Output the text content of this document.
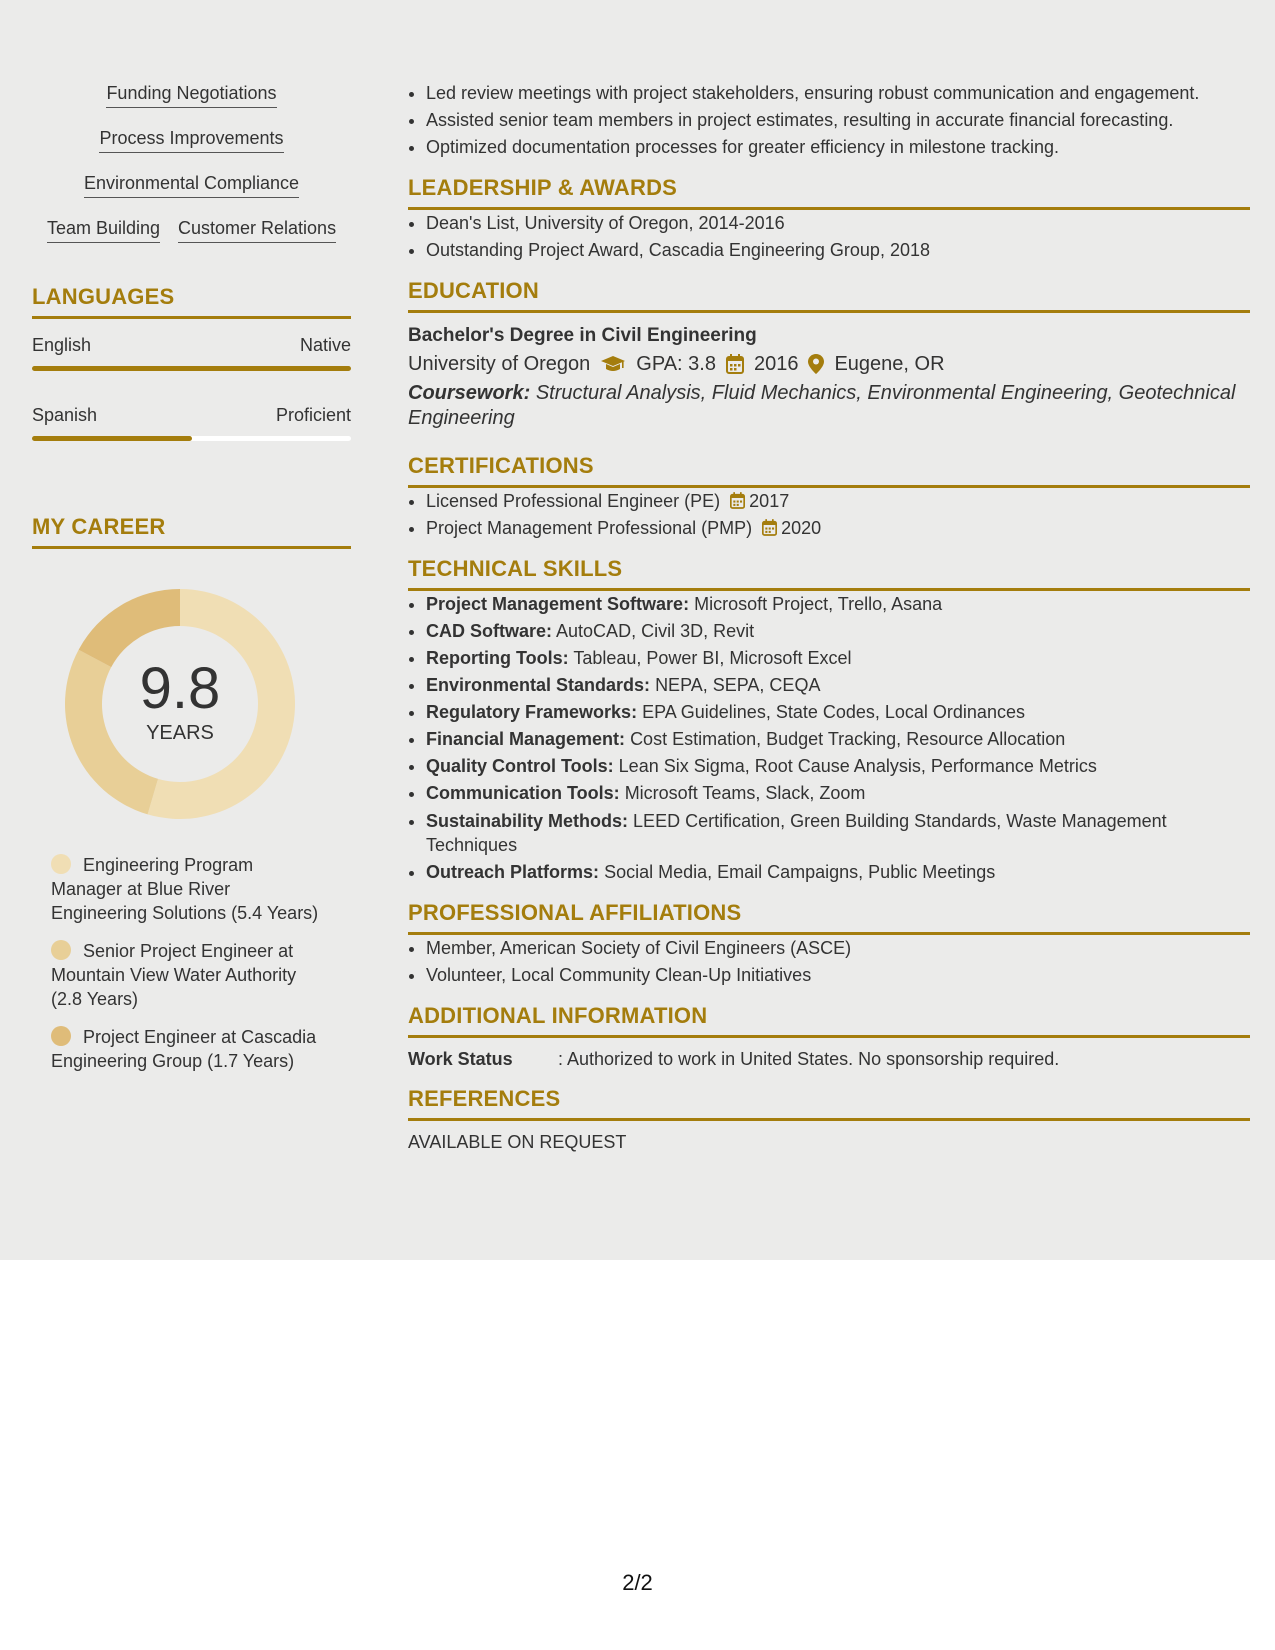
Funding Negotiations
Process Improvements
Environmental Compliance
Team Building Customer Relations
LANGUAGES
English	Native
Spanish	Proficient
MY CAREER
9.8
YEARS
Engineering Program Manager at Blue River Engineering Solutions (5.4 Years)
Senior Project Engineer at Mountain View Water Authority (2.8 Years)
Project Engineer at Cascadia Engineering Group (1.7 Years)
• Led review meetings with project stakeholders, ensuring robust communication and engagement.
• Assisted senior team members in project estimates, resulting in accurate financial forecasting.
• Optimized documentation processes for greater efficiency in milestone tracking.
LEADERSHIP & AWARDS
• Dean's List, University of Oregon, 2014-2016
• Outstanding Project Award, Cascadia Engineering Group, 2018
EDUCATION
Bachelor's Degree in Civil Engineering
University of Oregon GPA: 3.8 2016 Eugene, OR
Coursework: Structural Analysis, Fluid Mechanics, Environmental Engineering, Geotechnical Engineering
CERTIFICATIONS
• Licensed Professional Engineer (PE) 2017
• Project Management Professional (PMP) 2020
TECHNICAL SKILLS
• Project Management Software: Microsoft Project, Trello, Asana
• CAD Software: AutoCAD, Civil 3D, Revit
• Reporting Tools: Tableau, Power BI, Microsoft Excel
• Environmental Standards: NEPA, SEPA, CEQA
• Regulatory Frameworks: EPA Guidelines, State Codes, Local Ordinances
• Financial Management: Cost Estimation, Budget Tracking, Resource Allocation
• Quality Control Tools: Lean Six Sigma, Root Cause Analysis, Performance Metrics
• Communication Tools: Microsoft Teams, Slack, Zoom
• Sustainability Methods: LEED Certification, Green Building Standards, Waste Management Techniques
• Outreach Platforms: Social Media, Email Campaigns, Public Meetings
PROFESSIONAL AFFILIATIONS
• Member, American Society of Civil Engineers (ASCE)
• Volunteer, Local Community Clean-Up Initiatives
ADDITIONAL INFORMATION
Work Status	: Authorized to work in United States. No sponsorship required.
REFERENCES
AVAILABLE ON REQUEST
2/2
